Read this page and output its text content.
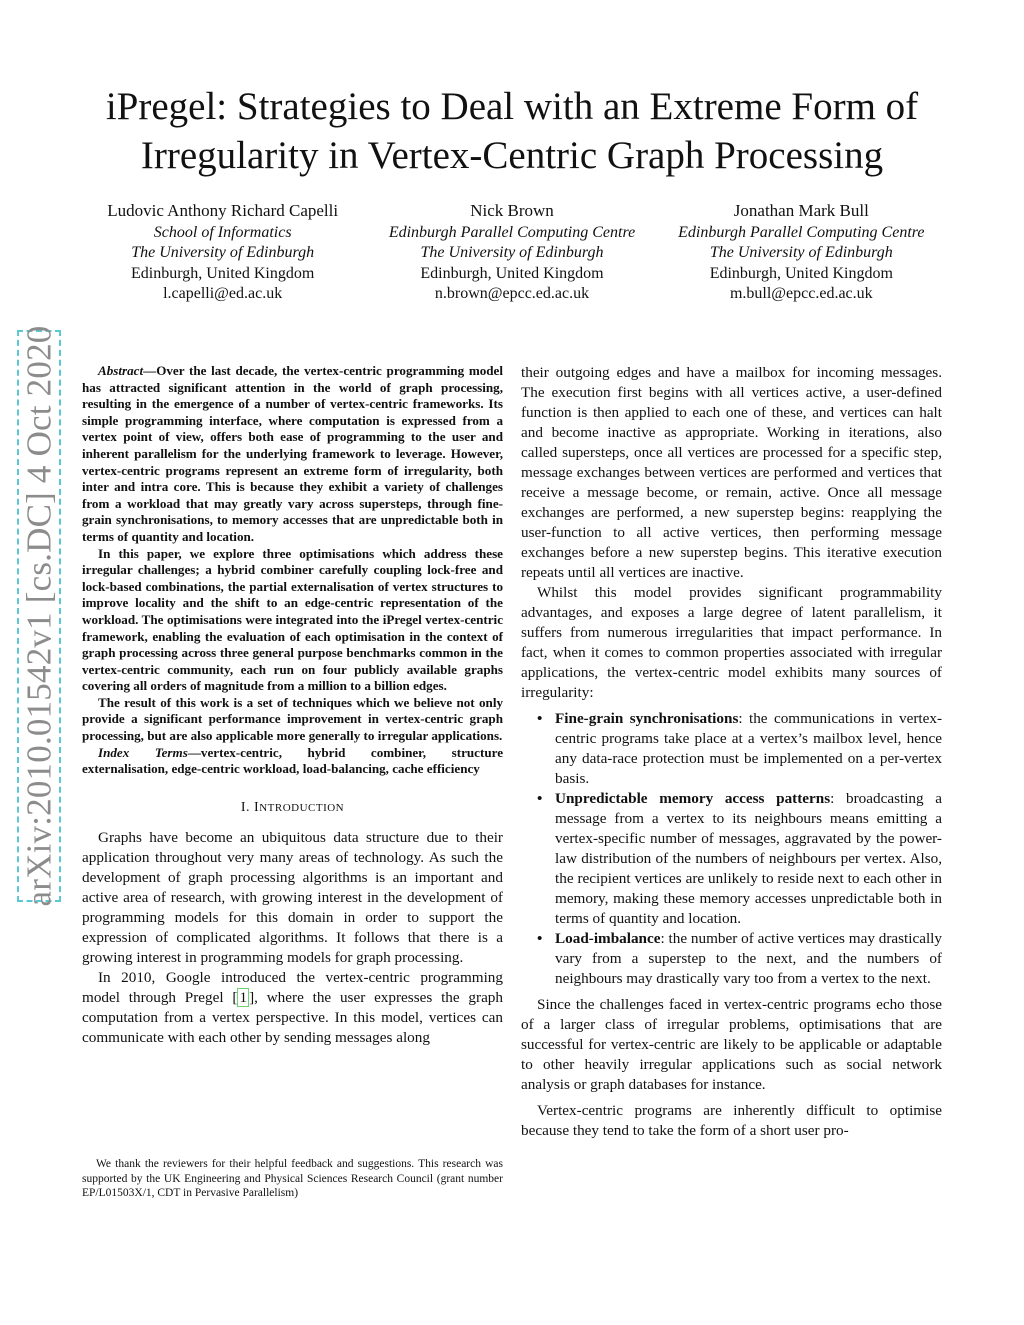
iPregel: Strategies to Deal with an Extreme Form of
Irregularity in Vertex-Centric Graph Processing
Ludovic Anthony Richard Capelli
School of Informatics
The University of Edinburgh
Edinburgh, United Kingdom
l.capelli@ed.ac.uk
Nick Brown
Edinburgh Parallel Computing Centre
The University of Edinburgh
Edinburgh, United Kingdom
n.brown@epcc.ed.ac.uk
Jonathan Mark Bull
Edinburgh Parallel Computing Centre
The University of Edinburgh
Edinburgh, United Kingdom
m.bull@epcc.ed.ac.uk
arXiv:2010.01542v1 [cs.DC] 4 Oct 2020	Abstract—Over the last decade, the vertex-centric programming model has attracted significant attention in the world of graph processing, resulting in the emergence of a number of vertex-centric frameworks. Its simple programming interface, where computation is expressed from a vertex point of view, offers both ease of programming to the user and inherent parallelism for the underlying framework to leverage. However, vertex-centric programs represent an extreme form of irregularity, both inter and intra core. This is because they exhibit a variety of challenges from a workload that may greatly vary across supersteps, through fine-grain synchronisations, to memory accesses that are unpredictable both in terms of quantity and location.

In this paper, we explore three optimisations which address these irregular challenges; a hybrid combiner carefully coupling lock-free and lock-based combinations, the partial externalisation of vertex structures to improve locality and the shift to an edge-centric representation of the workload. The optimisations were integrated into the iPregel vertex-centric framework, enabling the evaluation of each optimisation in the context of graph processing across three general purpose benchmarks common in the vertex-centric community, each run on four publicly available graphs covering all orders of magnitude from a million to a billion edges.

The result of this work is a set of techniques which we believe not only provide a significant performance improvement in vertex-centric graph processing, but are also applicable more generally to irregular applications.

Index Terms—vertex-centric, hybrid combiner, structure externalisation, edge-centric workload, load-balancing, cache efficiency

I. INTRODUCTION

Graphs have become an ubiquitous data structure due to their application throughout very many areas of technology. As such the development of graph processing algorithms is an important and active area of research, with growing interest in the development of programming models for this domain in order to support the expression of complicated algorithms. It follows that there is a growing interest in programming models for graph processing.

In 2010, Google introduced the vertex-centric programming model through Pregel [ 1 ], where the user expresses the graph computation from a vertex perspective. In this model, vertices can communicate with each other by sending messages along

We thank the reviewers for their helpful feedback and suggestions. This research was supported by the UK Engineering and Physical Sciences Research Council (grant number EP/L01503X/1, CDT in Pervasive Parallelism)

their outgoing edges and have a mailbox for incoming messages. The execution first begins with all vertices active, a user-defined function is then applied to each one of these, and vertices can halt and become inactive as appropriate. Working in iterations, also called supersteps, once all vertices are processed for a specific step, message exchanges between vertices are performed and vertices that receive a message become, or remain, active. Once all message exchanges are performed, a new superstep begins: reapplying the user-function to all active vertices, then performing message exchanges before a new superstep begins. This iterative execution repeats until all vertices are inactive.

Whilst this model provides significant programmability advantages, and exposes a large degree of latent parallelism, it suffers from numerous irregularities that impact performance. In fact, when it comes to common properties associated with irregular applications, the vertex-centric model exhibits many sources of irregularity:

• Fine-grain synchronisations: the communications in vertex-centric programs take place at a vertex’s mailbox level, hence any data-race protection must be implemented on a per-vertex basis.
• Unpredictable memory access patterns: broadcasting a message from a vertex to its neighbours means emitting a vertex-specific number of messages, aggravated by the power-law distribution of the numbers of neighbours per vertex. Also, the recipient vertices are unlikely to reside next to each other in memory, making these memory accesses unpredictable both in terms of quantity and location.
• Load-imbalance: the number of active vertices may drastically vary from a superstep to the next, and the numbers of neighbours may drastically vary too from a vertex to the next.

Since the challenges faced in vertex-centric programs echo those of a larger class of irregular problems, optimisations that are successful for vertex-centric are likely to be applicable or adaptable to other heavily irregular applications such as social network analysis or graph databases for instance.

Vertex-centric programs are inherently difficult to optimise because they tend to take the form of a short user pro-
